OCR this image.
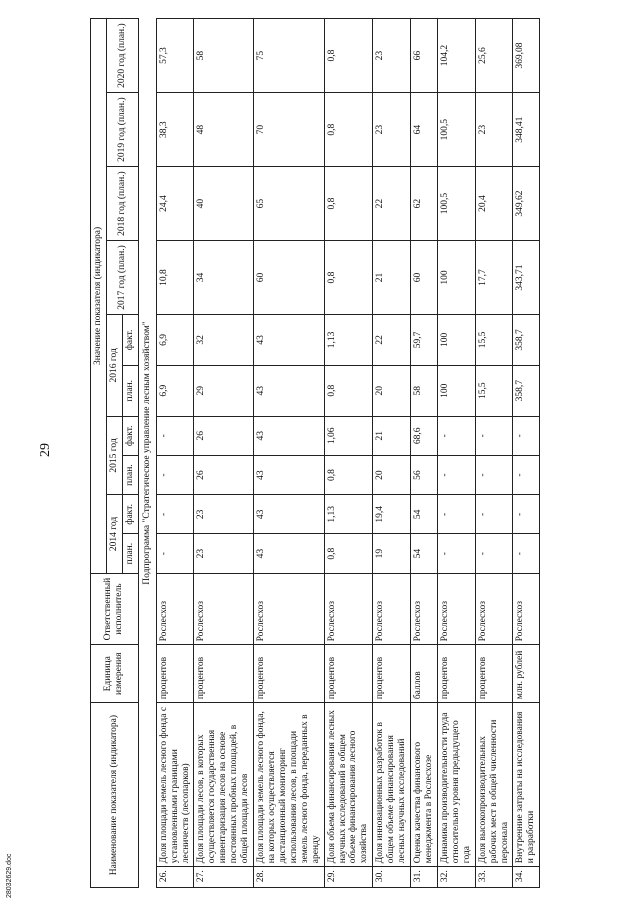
29
Наименование показателя (индикатора)		Единица измерения	Ответственный исполнитель	Значение показателя (индикатора)									
				2014 год		2015 год		2016 год		2017 год (план.)	2018 год (план.)	2019 год (план.)	2020 год (план.)
				план.	факт.	план.	факт.	план.	факт.				
Подпрограмма "Стратегическое управление лесным хозяйством"													
26.	Доля площади земель лесного фонда с установленными границами лесничеств (лесопарков)	процентов	Рослесхоз	-	-	-	-	6,9	6,9	10,8	24,4	38,3	57,3
27.	Доля площади лесов, в которых осуществляется государственная инвентаризация лесов на основе постоянных пробных площадей, в общей площади лесов	процентов	Рослесхоз	23	23	26	26	29	32	34	40	48	58
28.	Доля площади земель лесного фонда, на которых осуществляется дистанционный мониторинг использования лесов, в площади земель лесного фонда, переданных в аренду	процентов	Рослесхоз	43	43	43	43	43	43	60	65	70	75
29.	Доля объема финансирования лесных научных исследований в общем объеме финансирования лесного хозяйства	процентов	Рослесхоз	0,8	1,13	0,8	1,06	0,8	1,13	0,8	0,8	0,8	0,8
30.	Доля инновационных разработок в общем объеме финансирования лесных научных исследований	процентов	Рослесхоз	19	19,4	20	21	20	22	21	22	23	23
31.	Оценка качества финансового менеджмента в Рослесхозе	баллов	Рослесхоз	54	54	56	68,6	58	59,7	60	62	64	66
32.	Динамика производительности труда относительно уровня предыдущего года	процентов	Рослесхоз	-	-	-	-	100	100	100	100,5	100,5	104,2
33.	Доля высокопроизводительных рабочих мест в общей численности персонала	процентов	Рослесхоз	-	-	-	-	15,5	15,5	17,7	20,4	23	25,6
34.	Внутренние затраты на исследования и разработки	млн. рублей	Рослесхоз	-	-	-	-	358,7	358,7	343,71	349,62	348,41	369,08
28032629.doc
